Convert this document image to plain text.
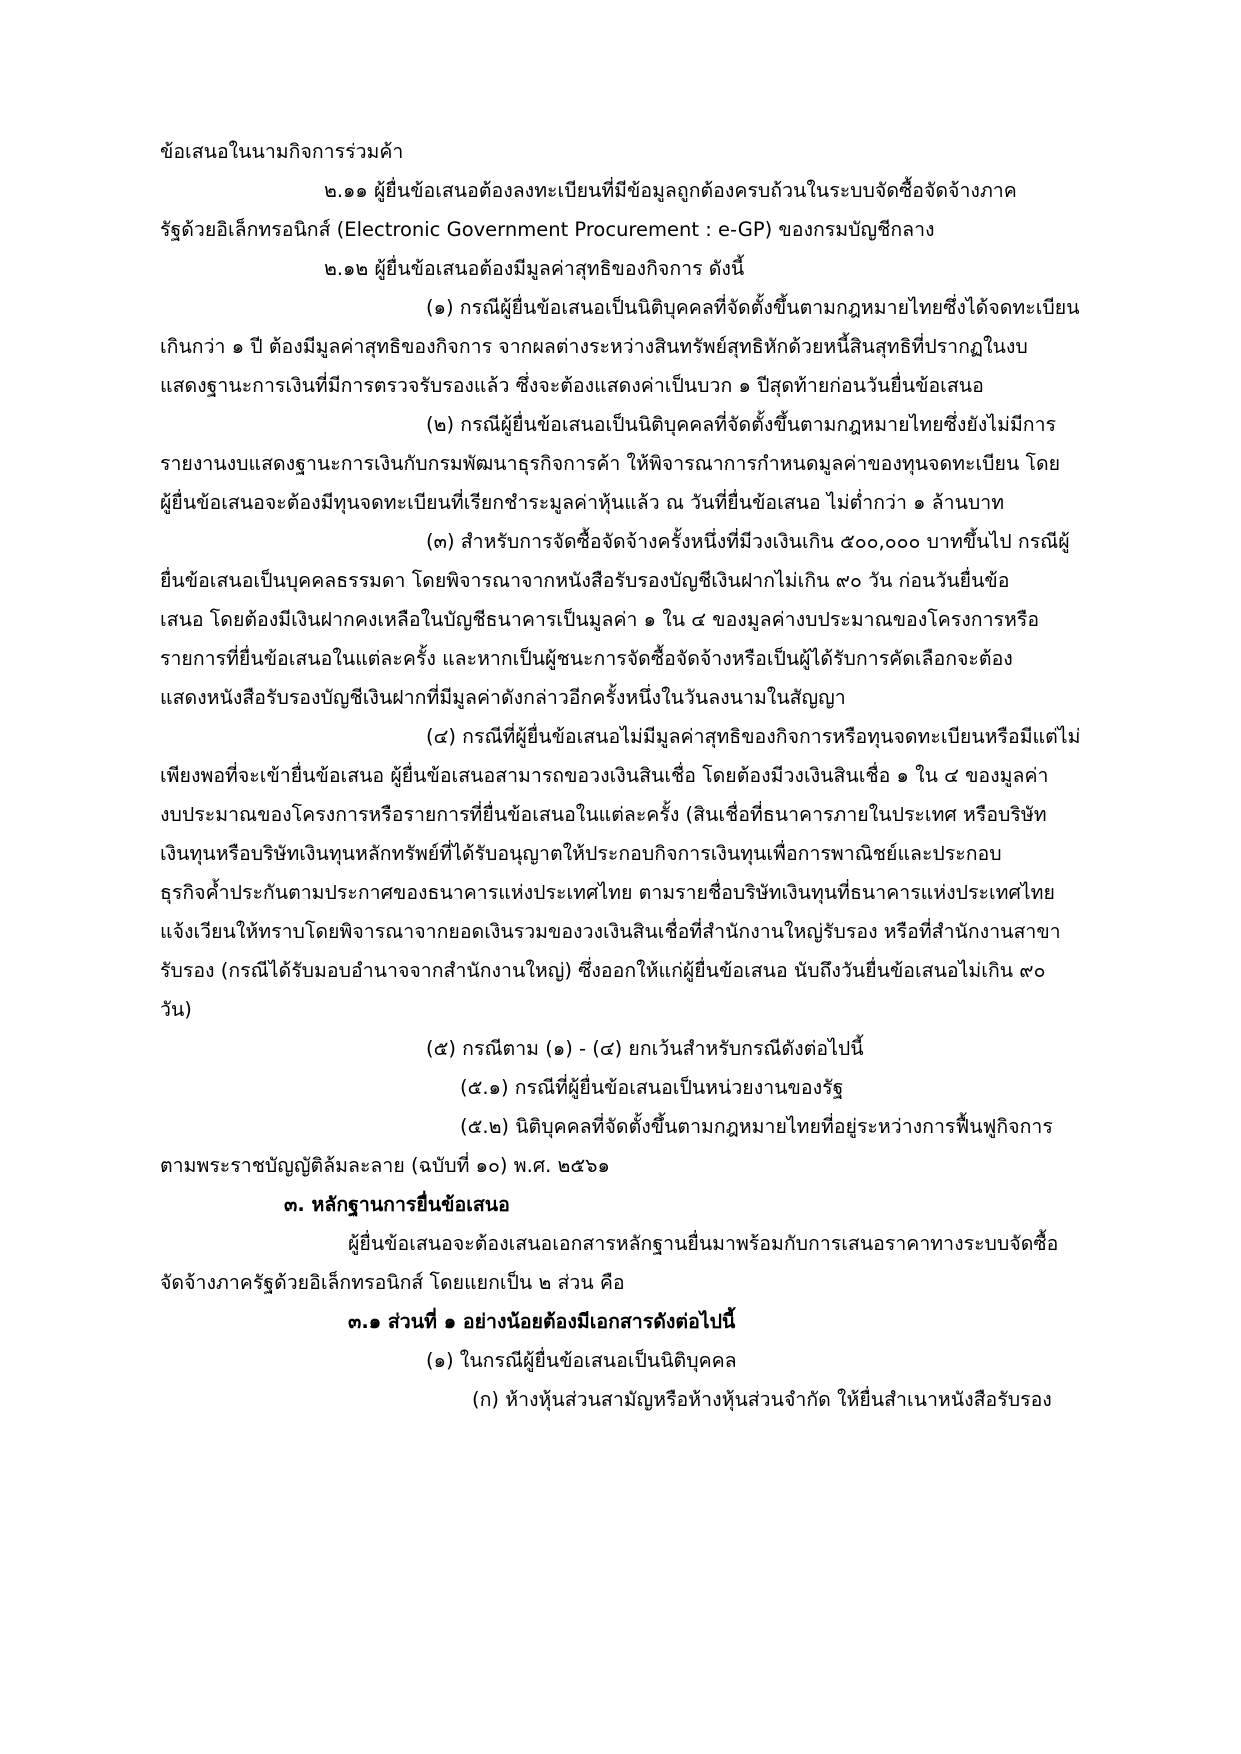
ข้อเสนอในนามกิจการร่วมค้า
๒.๑๑ ผู้ยื่นข้อเสนอต้องลงทะเบียนที่มีข้อมูลถูกต้องครบถ้วนในระบบจัดซื้อจัดจ้างภาค
รัฐด้วยอิเล็กทรอนิกส์ (Electronic Government Procurement : e-GP) ของกรมบัญชีกลาง
๒.๑๒ ผู้ยื่นข้อเสนอต้องมีมูลค่าสุทธิของกิจการ ดังนี้
(๑) กรณีผู้ยื่นข้อเสนอเป็นนิติบุคคลที่จัดตั้งขึ้นตามกฎหมายไทยซึ่งได้จดทะเบียน
เกินกว่า ๑ ปี ต้องมีมูลค่าสุทธิของกิจการ จากผลต่างระหว่างสินทรัพย์สุทธิหักด้วยหนี้สินสุทธิที่ปรากฏในงบ
แสดงฐานะการเงินที่มีการตรวจรับรองแล้ว ซึ่งจะต้องแสดงค่าเป็นบวก ๑ ปีสุดท้ายก่อนวันยื่นข้อเสนอ
(๒) กรณีผู้ยื่นข้อเสนอเป็นนิติบุคคลที่จัดตั้งขึ้นตามกฎหมายไทยซึ่งยังไม่มีการ
รายงานงบแสดงฐานะการเงินกับกรมพัฒนาธุรกิจการค้า ให้พิจารณาการกำหนดมูลค่าของทุนจดทะเบียน โดย
ผู้ยื่นข้อเสนอจะต้องมีทุนจดทะเบียนที่เรียกชำระมูลค่าหุ้นแล้ว ณ วันที่ยื่นข้อเสนอ ไม่ต่ำกว่า ๑ ล้านบาท
(๓) สำหรับการจัดซื้อจัดจ้างครั้งหนึ่งที่มีวงเงินเกิน ๕๐๐,๐๐๐ บาทขึ้นไป กรณีผู้
ยื่นข้อเสนอเป็นบุคคลธรรมดา โดยพิจารณาจากหนังสือรับรองบัญชีเงินฝากไม่เกิน ๙๐ วัน ก่อนวันยื่นข้อ
เสนอ โดยต้องมีเงินฝากคงเหลือในบัญชีธนาคารเป็นมูลค่า ๑ ใน ๔ ของมูลค่างบประมาณของโครงการหรือ
รายการที่ยื่นข้อเสนอในแต่ละครั้ง และหากเป็นผู้ชนะการจัดซื้อจัดจ้างหรือเป็นผู้ได้รับการคัดเลือกจะต้อง
แสดงหนังสือรับรองบัญชีเงินฝากที่มีมูลค่าดังกล่าวอีกครั้งหนึ่งในวันลงนามในสัญญา
(๔) กรณีที่ผู้ยื่นข้อเสนอไม่มีมูลค่าสุทธิของกิจการหรือทุนจดทะเบียนหรือมีแต่ไม่
เพียงพอที่จะเข้ายื่นข้อเสนอ ผู้ยื่นข้อเสนอสามารถขอวงเงินสินเชื่อ โดยต้องมีวงเงินสินเชื่อ ๑ ใน ๔ ของมูลค่า
งบประมาณของโครงการหรือรายการที่ยื่นข้อเสนอในแต่ละครั้ง (สินเชื่อที่ธนาคารภายในประเทศ หรือบริษัท
เงินทุนหรือบริษัทเงินทุนหลักทรัพย์ที่ได้รับอนุญาตให้ประกอบกิจการเงินทุนเพื่อการพาณิชย์และประกอบ
ธุรกิจค้ำประกันตามประกาศของธนาคารแห่งประเทศไทย ตามรายชื่อบริษัทเงินทุนที่ธนาคารแห่งประเทศไทย
แจ้งเวียนให้ทราบโดยพิจารณาจากยอดเงินรวมของวงเงินสินเชื่อที่สำนักงานใหญ่รับรอง หรือที่สำนักงานสาขา
รับรอง (กรณีได้รับมอบอำนาจจากสำนักงานใหญ่) ซึ่งออกให้แก่ผู้ยื่นข้อเสนอ นับถึงวันยื่นข้อเสนอไม่เกิน ๙๐
วัน)
(๕) กรณีตาม (๑) - (๔) ยกเว้นสำหรับกรณีดังต่อไปนี้
(๕.๑) กรณีที่ผู้ยื่นข้อเสนอเป็นหน่วยงานของรัฐ
(๕.๒) นิติบุคคลที่จัดตั้งขึ้นตามกฎหมายไทยที่อยู่ระหว่างการฟื้นฟูกิจการ
ตามพระราชบัญญัติล้มละลาย (ฉบับที่ ๑๐) พ.ศ. ๒๕๖๑
๓. หลักฐานการยื่นข้อเสนอ
ผู้ยื่นข้อเสนอจะต้องเสนอเอกสารหลักฐานยื่นมาพร้อมกับการเสนอราคาทางระบบจัดซื้อ
จัดจ้างภาครัฐด้วยอิเล็กทรอนิกส์ โดยแยกเป็น ๒ ส่วน คือ
๓.๑ ส่วนที่ ๑ อย่างน้อยต้องมีเอกสารดังต่อไปนี้
(๑) ในกรณีผู้ยื่นข้อเสนอเป็นนิติบุคคล
(ก) ห้างหุ้นส่วนสามัญหรือห้างหุ้นส่วนจำกัด ให้ยื่นสำเนาหนังสือรับรอง
